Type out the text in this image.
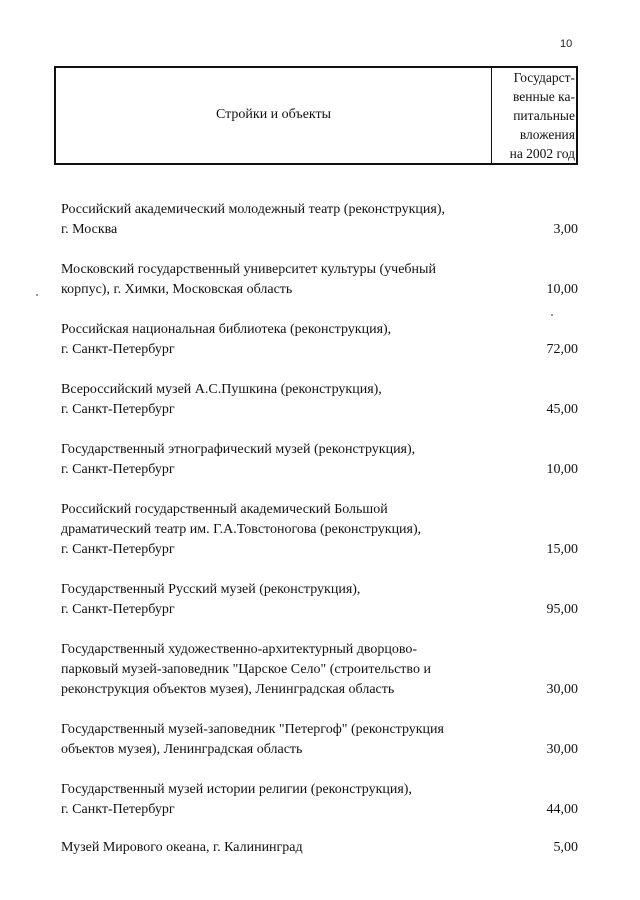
10
Стройки и объекты	
Государст-
венные ка-
питальные
вложения
на 2002 год
Российский академический молодежный театр (реконструкция),
г. Москва	3,00
Московский государственный университет культуры (учебный
корпус), г. Химки, Московская область	10,00
Российская национальная библиотека (реконструкция),
г. Санкт-Петербург	72,00
Всероссийский музей А.С.Пушкина (реконструкция),
г. Санкт-Петербург	45,00
Государственный этнографический музей (реконструкция),
г. Санкт-Петербург	10,00
Российский государственный академический Большой
драматический театр им. Г.А.Товстоногова (реконструкция),
г. Санкт-Петербург	15,00
Государственный Русский музей (реконструкция),
г. Санкт-Петербург	95,00
Государственный художественно-архитектурный дворцово-
парковый музей-заповедник "Царское Село" (строительство и
реконструкция объектов музея), Ленинградская область	30,00
Государственный музей-заповедник "Петергоф" (реконструкция
объектов музея), Ленинградская область	30,00
Государственный музей истории религии (реконструкция),
г. Санкт-Петербург	44,00
Музей Мирового океана, г. Калининград	5,00
